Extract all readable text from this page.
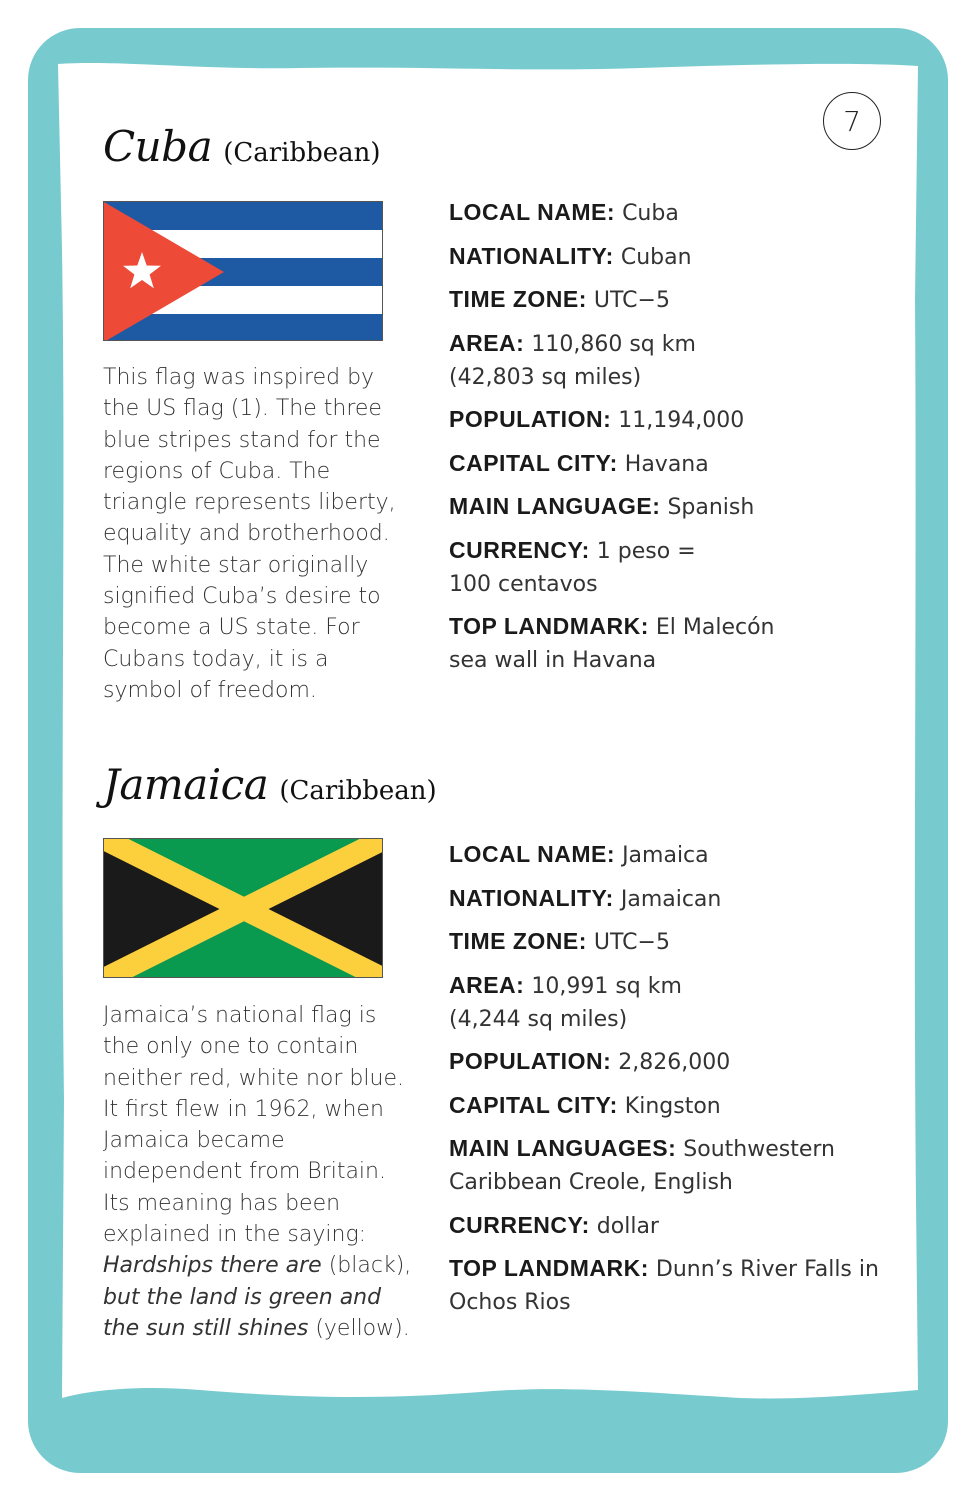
7
Cuba (Caribbean)
This flag was inspired by the US flag (1). The three blue stripes stand for the regions of Cuba. The triangle represents liberty, equality and brotherhood. The white star originally signified Cuba’s desire to become a US state. For Cubans today, it is a symbol of freedom.
LOCAL NAME: Cuba
NATIONALITY: Cuban
TIME ZONE: UTC−5
AREA: 110,860 sq km (42,803 sq miles)
POPULATION: 11,194,000
CAPITAL CITY: Havana
MAIN LANGUAGE: Spanish
CURRENCY: 1 peso = 100 centavos
TOP LANDMARK: El Malecón sea wall in Havana
Jamaica (Caribbean)
Jamaica’s national flag is the only one to contain neither red, white nor blue. It first flew in 1962, when Jamaica became independent from Britain. Its meaning has been explained in the saying: Hardships there are (black), but the land is green and the sun still shines (yellow).
LOCAL NAME: Jamaica
NATIONALITY: Jamaican
TIME ZONE: UTC−5
AREA: 10,991 sq km (4,244 sq miles)
POPULATION: 2,826,000
CAPITAL CITY: Kingston
MAIN LANGUAGES: Southwestern Caribbean Creole, English
CURRENCY: dollar
TOP LANDMARK: Dunn’s River Falls in Ochos Rios
